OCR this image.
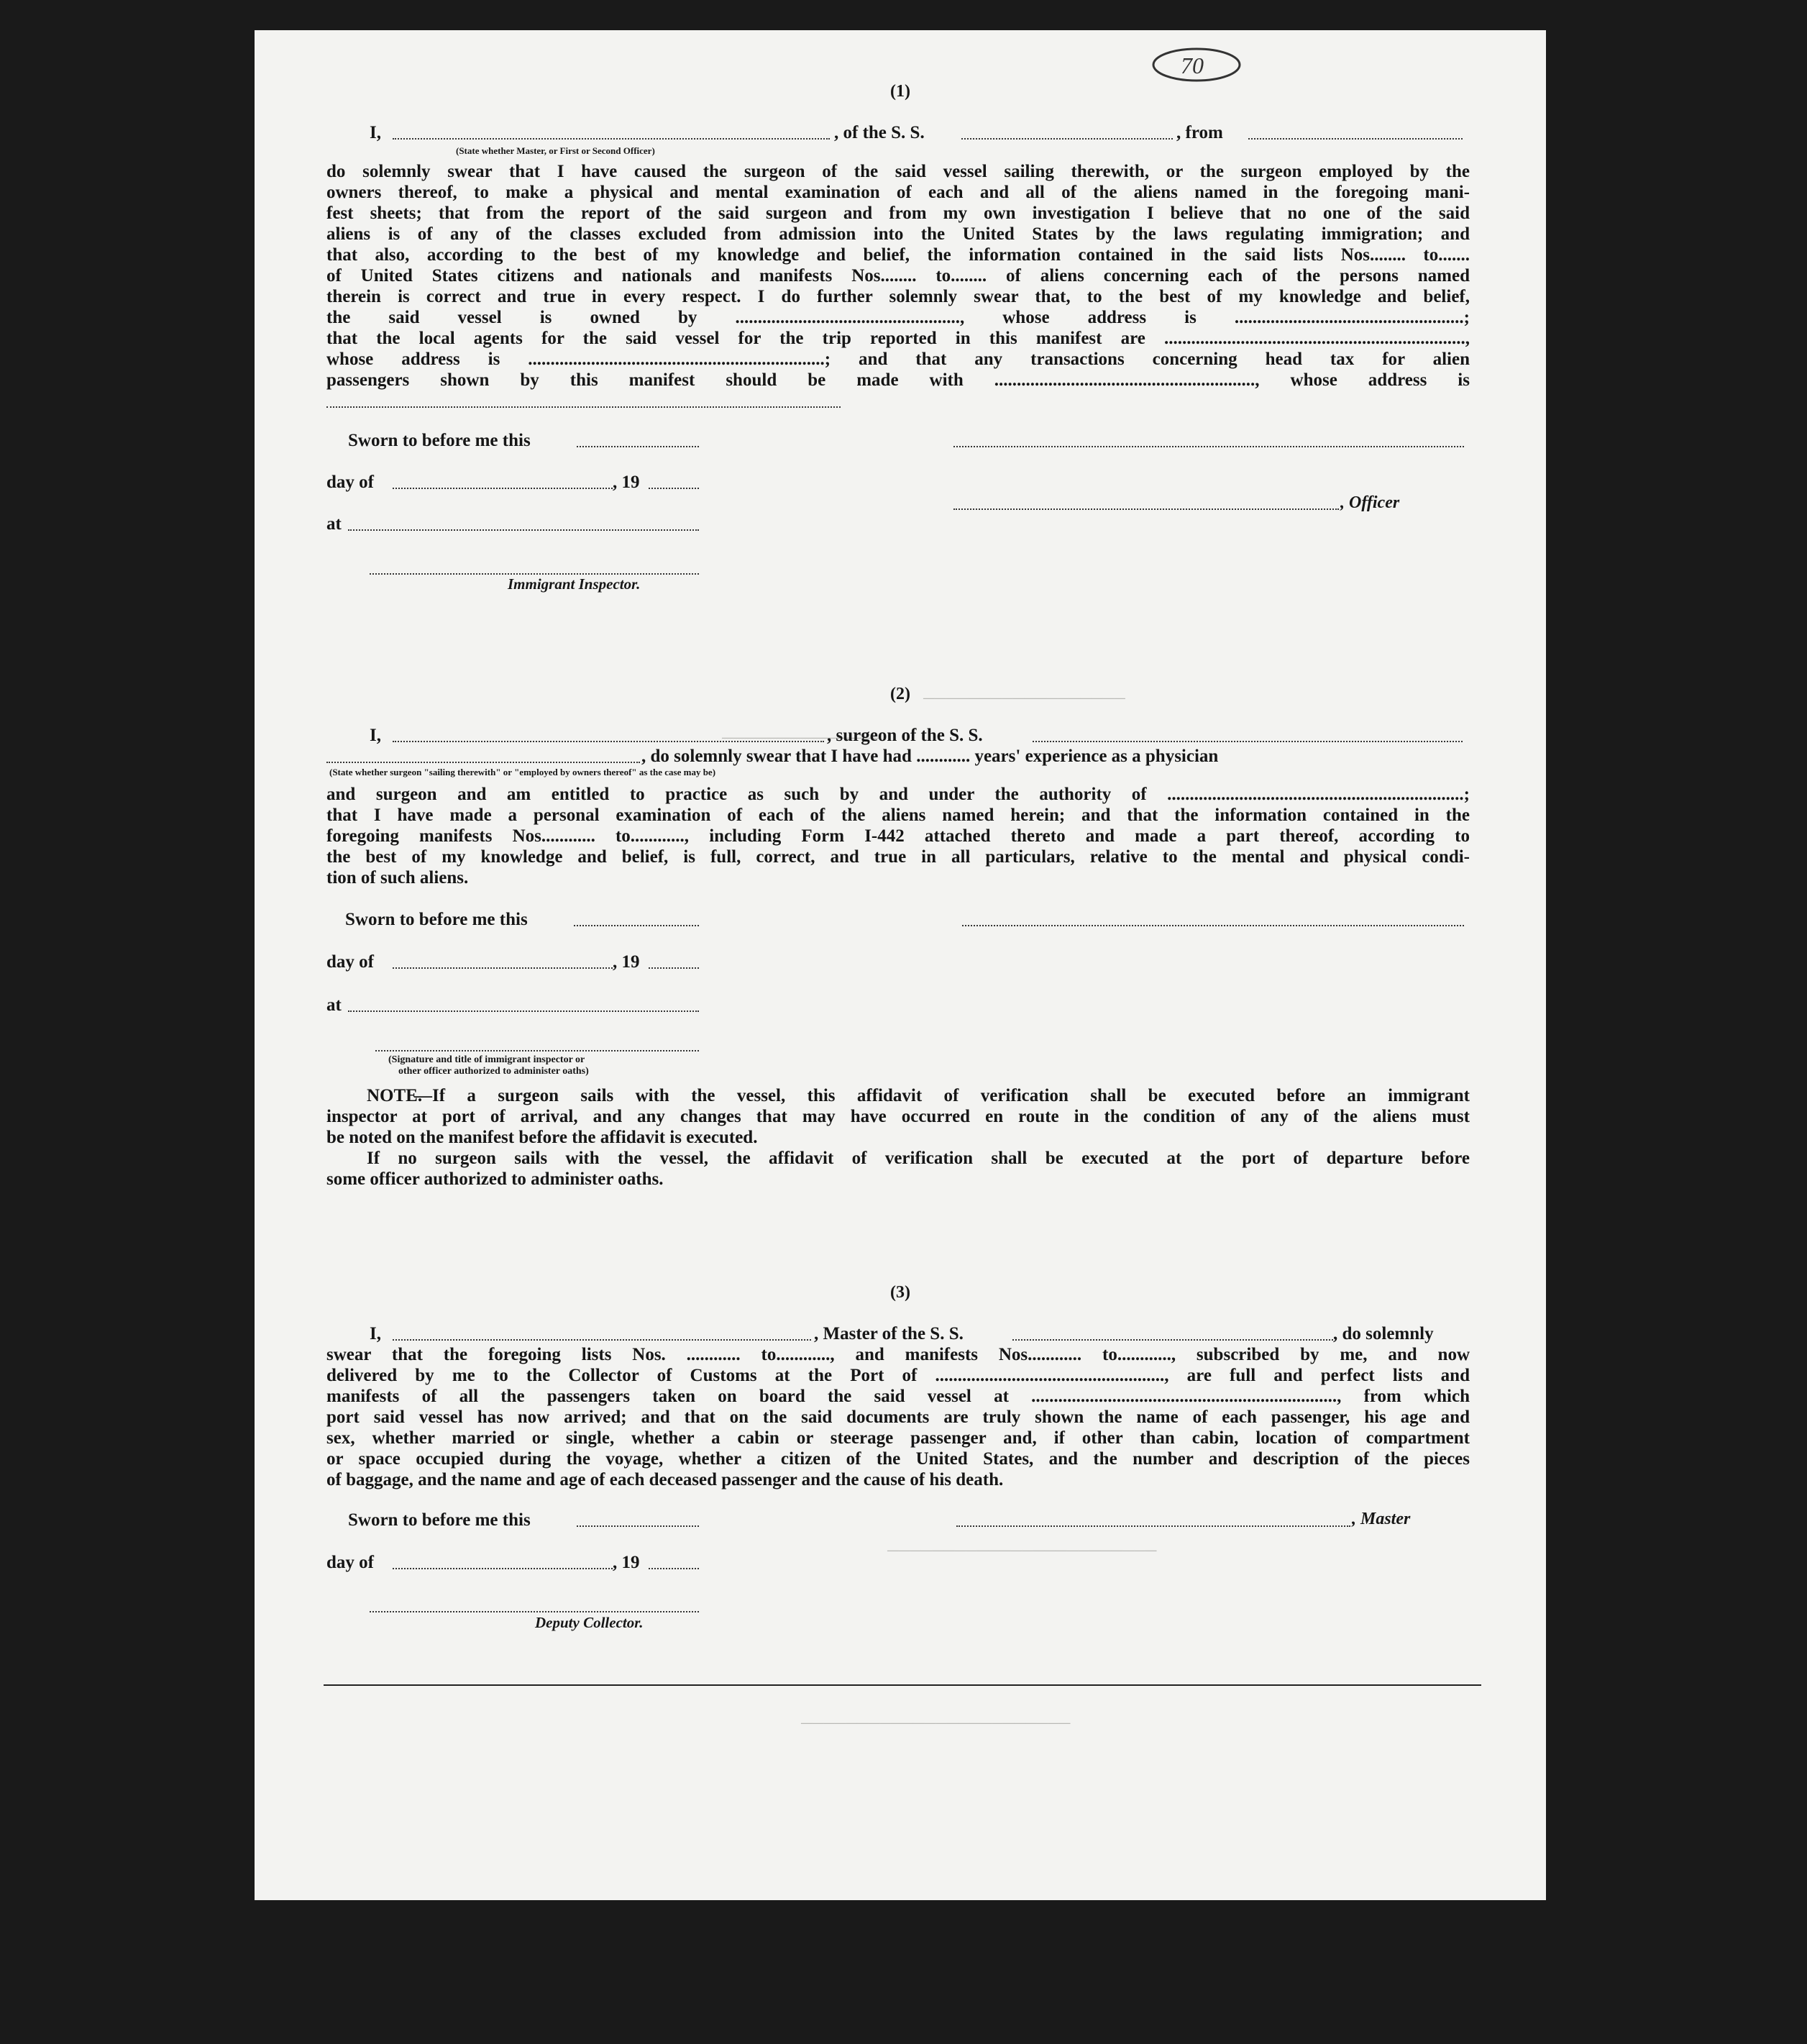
70
__________________
______________
________________________
________________________
(1)
I,	, of the S. S.	, from
(State whether Master, or First or Second Officer)
do solemnly swear that I have caused the surgeon of the said vessel sailing therewith, or the surgeon employed by the
owners thereof, to make a physical and mental examination of each and all of the aliens named in the foregoing mani-
fest sheets; that from the report of the said surgeon and from my own investigation I believe that no one of the said
aliens is of any of the classes excluded from admission into the United States by the laws regulating immigration; and
that also, according to the best of my knowledge and belief, the information contained in the said lists Nos........ to.......
of United States citizens and nationals and manifests Nos........ to........ of aliens concerning each of the persons named
therein is correct and true in every respect. I do further solemnly swear that, to the best of my knowledge and belief,
the said vessel is owned by .................................................., whose address is ...................................................;
that the local agents for the said vessel for the trip reported in this manifest are ...................................................................,
whose address is ..................................................................; and that any transactions concerning head tax for alien
passengers shown by this manifest should be made with .........................................................., whose address is
Sworn to before me this
day of	, 19
, Officer
at
Immigrant Inspector.
(2)
I,	, surgeon of the S. S.
, do solemnly swear that I have had ............ years' experience as a physician
(State whether surgeon "sailing therewith" or "employed by owners thereof" as the case may be)
and surgeon and am entitled to practice as such by and under the authority of ..................................................................;
that I have made a personal examination of each of the aliens named herein; and that the information contained in the
foregoing manifests Nos............ to............, including Form I-442 attached thereto and made a part thereof, according to
the best of my knowledge and belief, is full, correct, and true in all particulars, relative to the mental and physical condi-
tion of such aliens.
Sworn to before me this
day of	, 19
at
(Signature and title of immigrant inspector or
other officer authorized to administer oaths)
NOTE.
—If a surgeon sails with the vessel, this affidavit of verification shall be executed before an immigrant
inspector at port of arrival, and any changes that may have occurred en route in the condition of any of the aliens must
be noted on the manifest before the affidavit is executed.
If no surgeon sails with the vessel, the affidavit of verification shall be executed at the port of departure before
some officer authorized to administer oaths.
(3)
I,	, Master of the S. S.	, do solemnly
swear that the foregoing lists Nos. ............ to............, and manifests Nos............ to............, subscribed by me, and now
delivered by me to the Collector of Customs at the Port of ..................................................., are full and perfect lists and
manifests of all the passengers taken on board the said vessel at ...................................................................., from which
port said vessel has now arrived; and that on the said documents are truly shown the name of each passenger, his age and
sex, whether married or single, whether a cabin or steerage passenger and, if other than cabin, location of compartment
or space occupied during the voyage, whether a citizen of the United States, and the number and description of the pieces
of baggage, and the name and age of each deceased passenger and the cause of his death.
Sworn to before me this	, Master
day of	, 19
Deputy Collector.
